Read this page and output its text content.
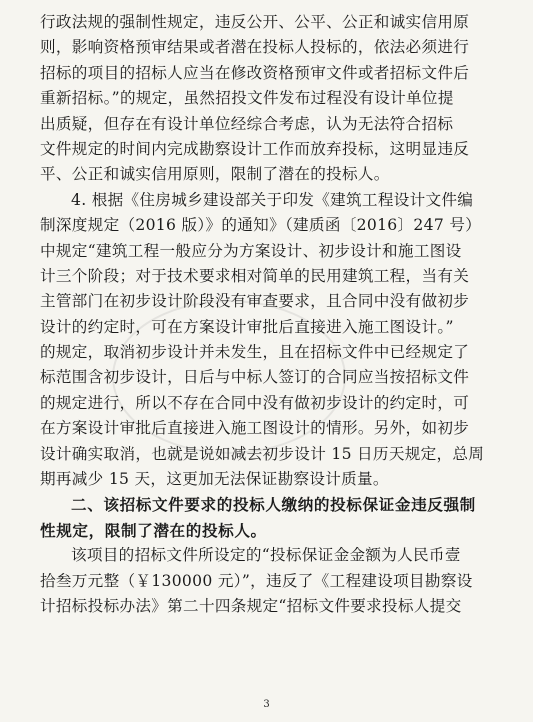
行政法规的强制性规定，违反公开、公平、公正和诚实信用原
则，影响资格预审结果或者潜在投标人投标的，依法必须进行
招标的项目的招标人应当在修改资格预审文件或者招标文件后
重新招标。”的规定，虽然招投文件发布过程没有设计单位提
出质疑，但存在有设计单位经综合考虑，认为无法符合招标
文件规定的时间内完成勘察设计工作而放弃投标，这明显违反
平、公正和诚实信用原则，限制了潜在的投标人。
4. 根据《住房城乡建设部关于印发《建筑工程设计文件编
制深度规定（2016 版）》的通知》（建质函〔2016〕247 号）
中规定“建筑工程一般应分为方案设计、初步设计和施工图设
计三个阶段；对于技术要求相对简单的民用建筑工程，当有关
主管部门在初步设计阶段没有审查要求，且合同中没有做初步
设计的约定时，可在方案设计审批后直接进入施工图设计。”
的规定，取消初步设计并未发生，且在招标文件中已经规定了
标范围含初步设计，日后与中标人签订的合同应当按招标文件
的规定进行，所以不存在合同中没有做初步设计的约定时，可
在方案设计审批后直接进入施工图设计的情形。另外，如初步
设计确实取消，也就是说如减去初步设计 15 日历天规定，总周
期再减少 15 天，这更加无法保证勘察设计质量。
二、该招标文件要求的投标人缴纳的投标保证金违反强制
性规定，限制了潜在的投标人。
该项目的招标文件所设定的“投标保证金金额为人民币壹
拾叁万元整（￥130000 元）”，违反了《工程建设项目勘察设
计招标投标办法》第二十四条规定“招标文件要求投标人提交
3
